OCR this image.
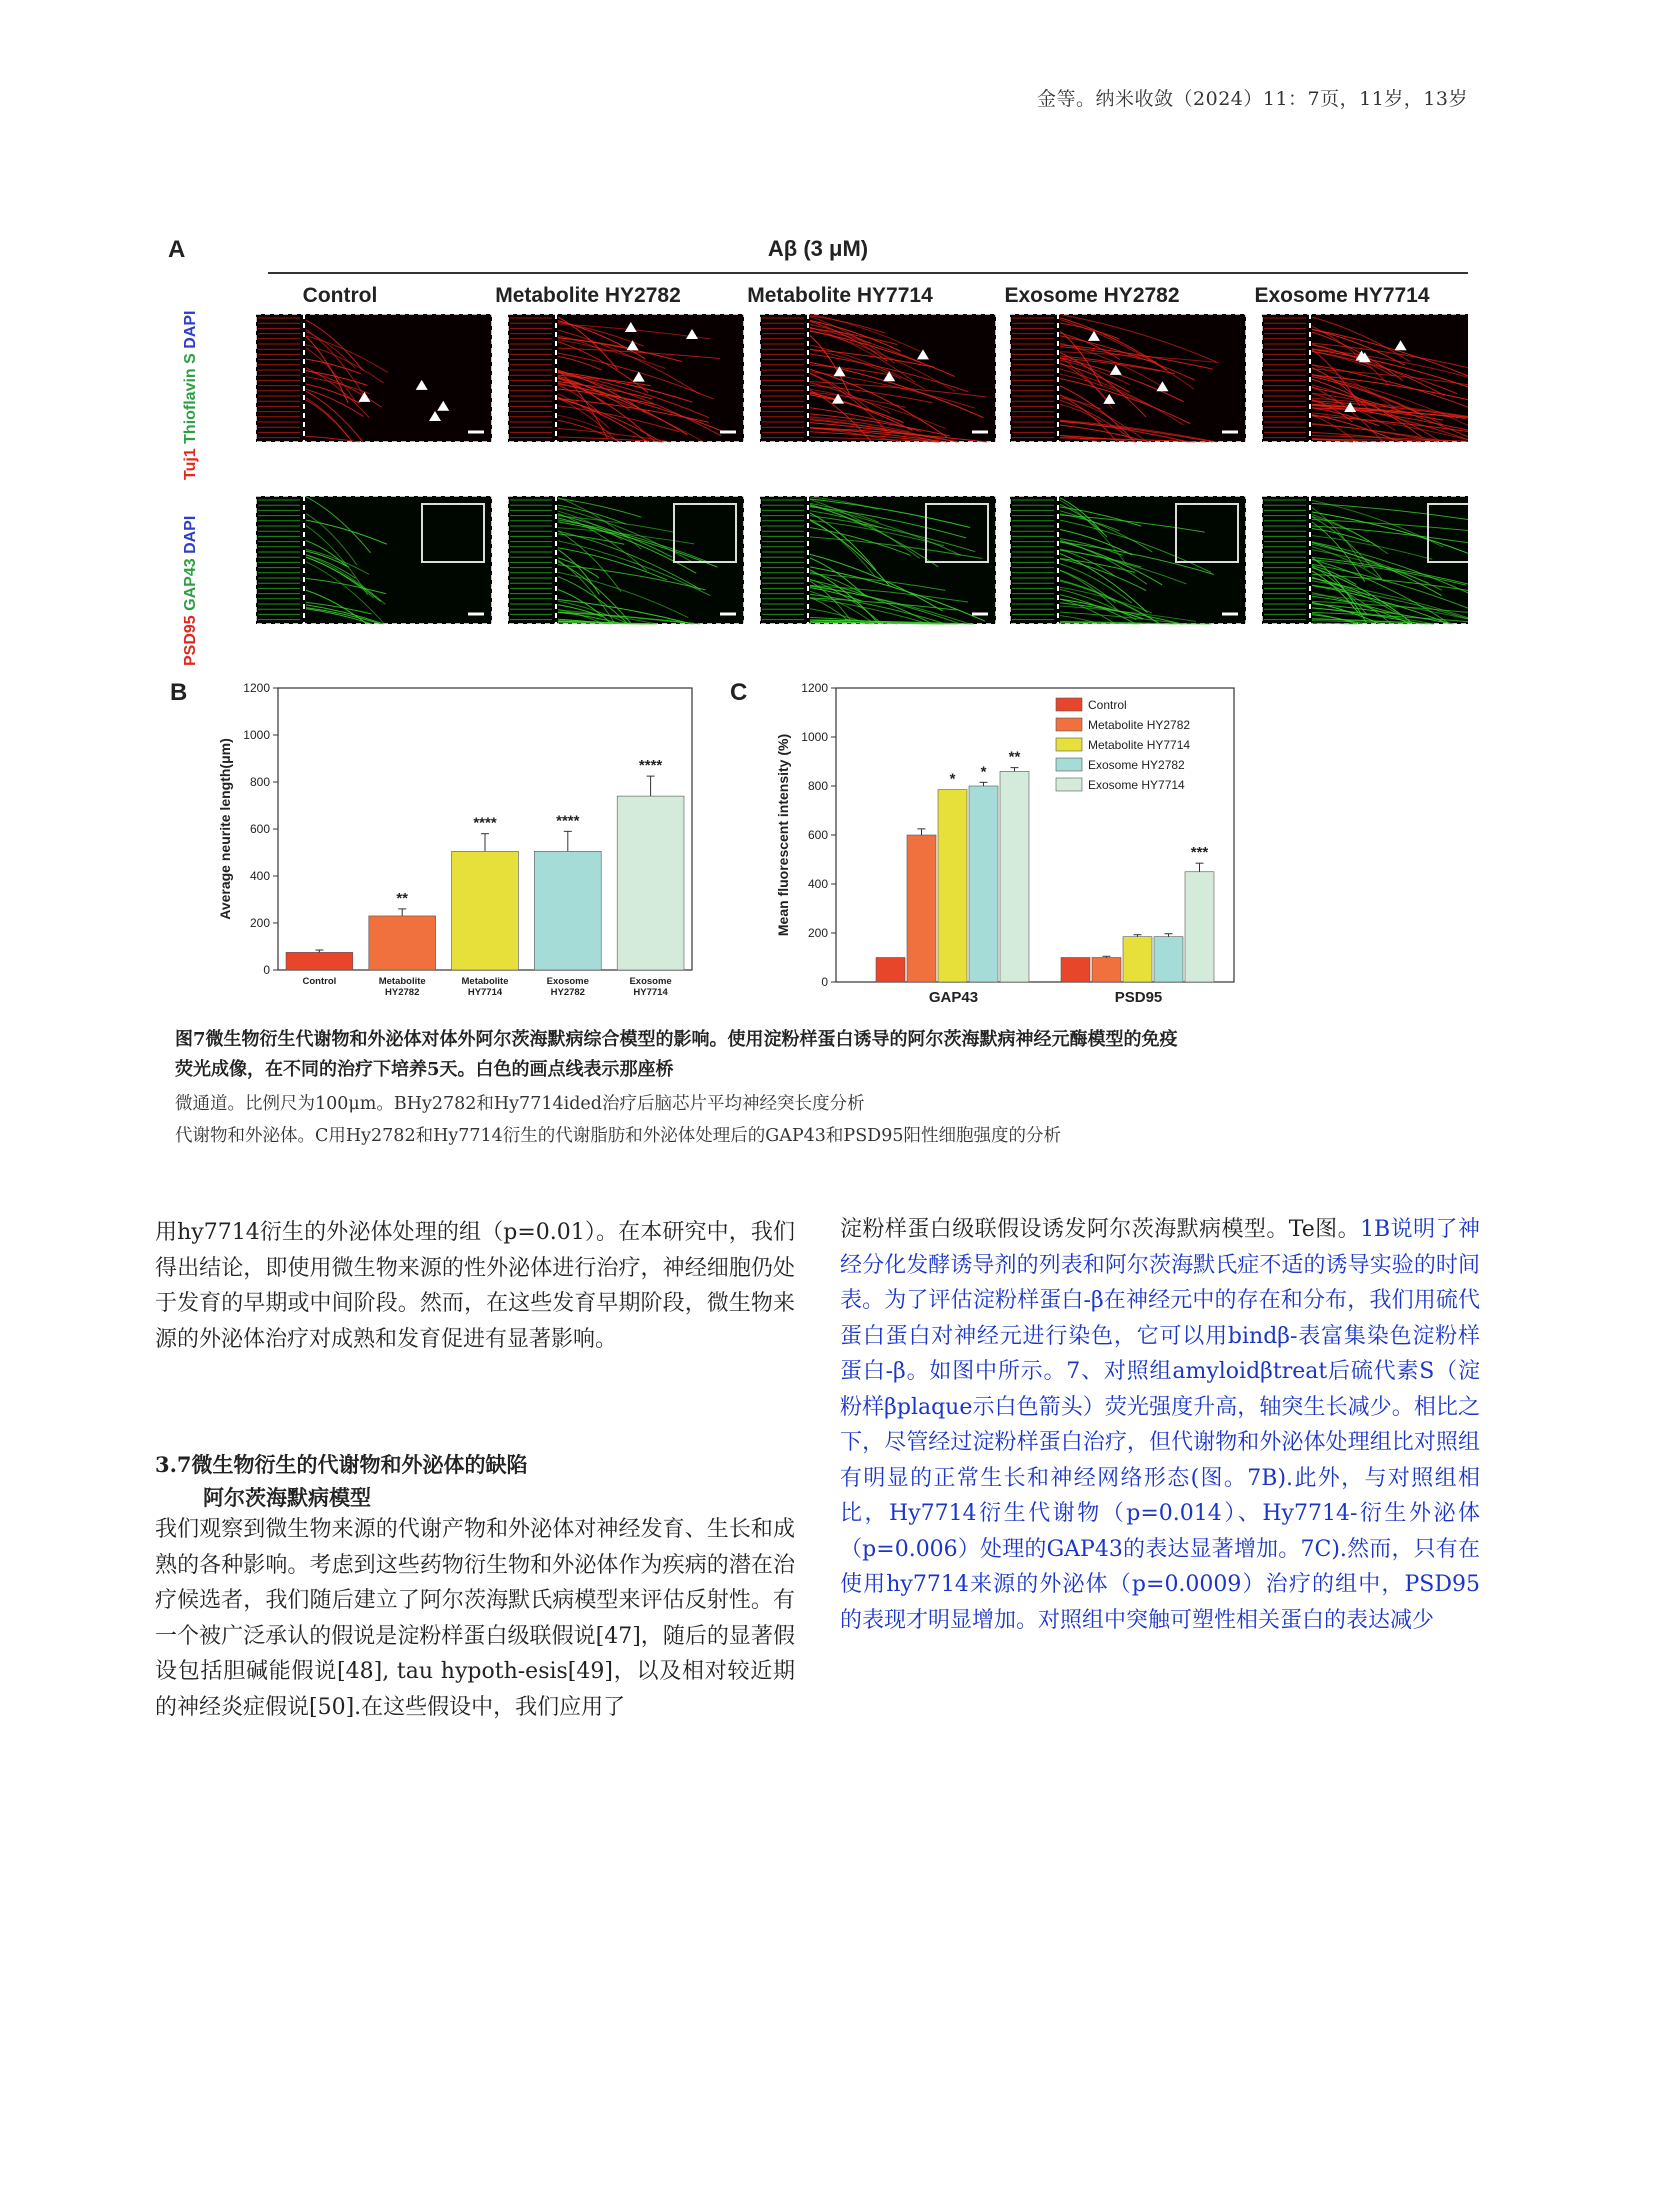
金等。纳米收敛（2024）11：7页，11岁，13岁
A	Aβ (3 μM)
Control	Metabolite HY2782	Metabolite HY7714	Exosome HY2782	Exosome HY7714
Tuj1 Thioflavin S DAPI
PSD95 GAP43 DAPI
B
0
200
400
600
800
1000
1200
Average neurite length(μm)
Control
**
Metabolite
HY2782
****
Metabolite
HY7714
****
Exosome
HY2782
****
Exosome
HY7714
C
0
200
400
600
800
1000
1200
Mean fluorescent intensity (%)	* *
**
GAP43
***
PSD95
Control
Metabolite HY2782
Metabolite HY7714
Exosome HY2782
Exosome HY7714
图7微生物衍生代谢物和外泌体对体外阿尔茨海默病综合模型的影响。使用淀粉样蛋白诱导的阿尔茨海默病神经元酶模型的免疫
荧光成像，在不同的治疗下培养5天。白色的画点线表示那座桥
微通道。比例尺为100μm。BHy2782和Hy7714ided治疗后脑芯片平均神经突长度分析
代谢物和外泌体。C用Hy2782和Hy7714衍生的代谢脂肪和外泌体处理后的GAP43和PSD95阳性细胞强度的分析
用hy7714衍生的外泌体处理的组（p=0.01）。在本研究中，我们得出结论，即使用微生物来源的性外泌体进行治疗，神经细胞仍处于发育的早期或中间阶段。然而，在这些发育早期阶段，微生物来源的外泌体治疗对成熟和发育促进有显著影响。
3.7微生物衍生的代谢物和外泌体的缺陷
阿尔茨海默病模型
我们观察到微生物来源的代谢产物和外泌体对神经发育、生长和成熟的各种影响。考虑到这些药物衍生物和外泌体作为疾病的潜在治疗候选者，我们随后建立了阿尔茨海默氏病模型来评估反射性。有一个被广泛承认的假说是淀粉样蛋白级联假说[47]，随后的显著假设包括胆碱能假说[48], tau hypoth-esis[49]，以及相对较近期的神经炎症假说[50].在这些假设中，我们应用了
淀粉样蛋白级联假设诱发阿尔茨海默病模型。Te图。1B说明了神经分化发酵诱导剂的列表和阿尔茨海默氏症不适的诱导实验的时间表。为了评估淀粉样蛋白-β在神经元中的存在和分布，我们用硫代蛋白蛋白对神经元进行染色，它可以用bindβ-表富集染色淀粉样蛋白-β。如图中所示。7、对照组amyloidβtreat后硫代素S（淀粉样βplaque示白色箭头）荧光强度升高，轴突生长减少。相比之下，尽管经过淀粉样蛋白治疗，但代谢物和外泌体处理组比对照组有明显的正常生长和神经网络形态(图。7B).此外，与对照组相比，Hy7714衍生代谢物（p=0.014）、Hy7714-衍生外泌体（p=0.006）处理的GAP43的表达显著增加。7C).然而，只有在使用hy7714来源的外泌体（p=0.0009）治疗的组中，PSD95的表现才明显增加。对照组中突触可塑性相关蛋白的表达减少
